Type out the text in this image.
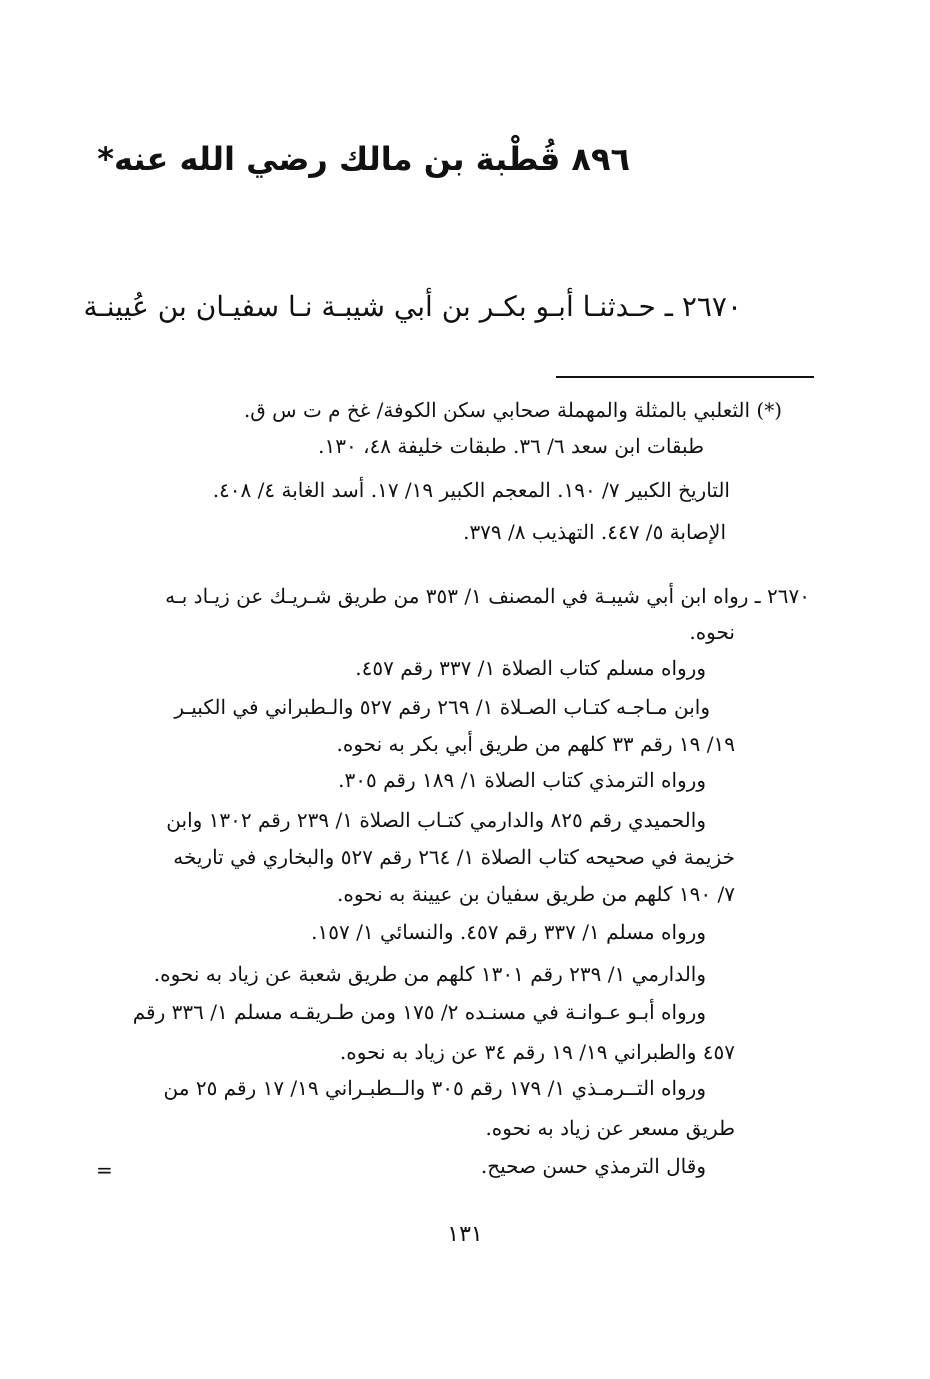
٨٩٦ قُطْبة بن مالك رضي الله عنه*
٢٦٧٠ ـ حـدثنـا أبـو بكـر بن أبي شيبـة نـا سفيـان بن عُيينـة
(*) الثعلبي بالمثلة والمهملة صحابي سكن الكوفة/ غخ م ت س ق.
طبقات ابن سعد ٦/ ٣٦. طبقات خليفة ٤٨، ١٣٠.
التاريخ الكبير ٧/ ١٩٠. المعجم الكبير ١٩/ ١٧. أسد الغابة ٤/ ٤٠٨.
الإصابة ٥/ ٤٤٧. التهذيب ٨/ ٣٧٩.
٢٦٧٠ ـ رواه ابن أبي شيبـة في المصنف ١/ ٣٥٣ من طريق شـريـك عن زيـاد بـه
نحوه.
ورواه مسلم كتاب الصلاة ١/ ٣٣٧ رقم ٤٥٧.
وابن مـاجـه كتـاب الصـلاة ١/ ٢٦٩ رقم ٥٢٧ والـطبراني في الكبيـر
١٩/ ١٩ رقم ٣٣ كلهم من طريق أبي بكر به نحوه.
ورواه الترمذي كتاب الصلاة ١/ ١٨٩ رقم ٣٠٥.
والحميدي رقم ٨٢٥ والدارمي كتـاب الصلاة ١/ ٢٣٩ رقم ١٣٠٢ وابن
خزيمة في صحيحه كتاب الصلاة ١/ ٢٦٤ رقم ٥٢٧ والبخاري في تاريخه
٧/ ١٩٠ كلهم من طريق سفيان بن عيينة به نحوه.
ورواه مسلم ١/ ٣٣٧ رقم ٤٥٧. والنسائي ١/ ١٥٧.
والدارمي ١/ ٢٣٩ رقم ١٣٠١ كلهم من طريق شعبة عن زياد به نحوه.
ورواه أبـو عـوانـة في مسنـده ٢/ ١٧٥ ومن طـريقـه مسلم ١/ ٣٣٦ رقم
٤٥٧ والطبراني ١٩/ ١٩ رقم ٣٤ عن زياد به نحوه.
ورواه التــرمـذي ١/ ١٧٩ رقم ٣٠٥ والــطبـراني ١٩/ ١٧ رقم ٢٥ من
طريق مسعر عن زياد به نحوه.
وقال الترمذي حسن صحيح.
=
١٣١
